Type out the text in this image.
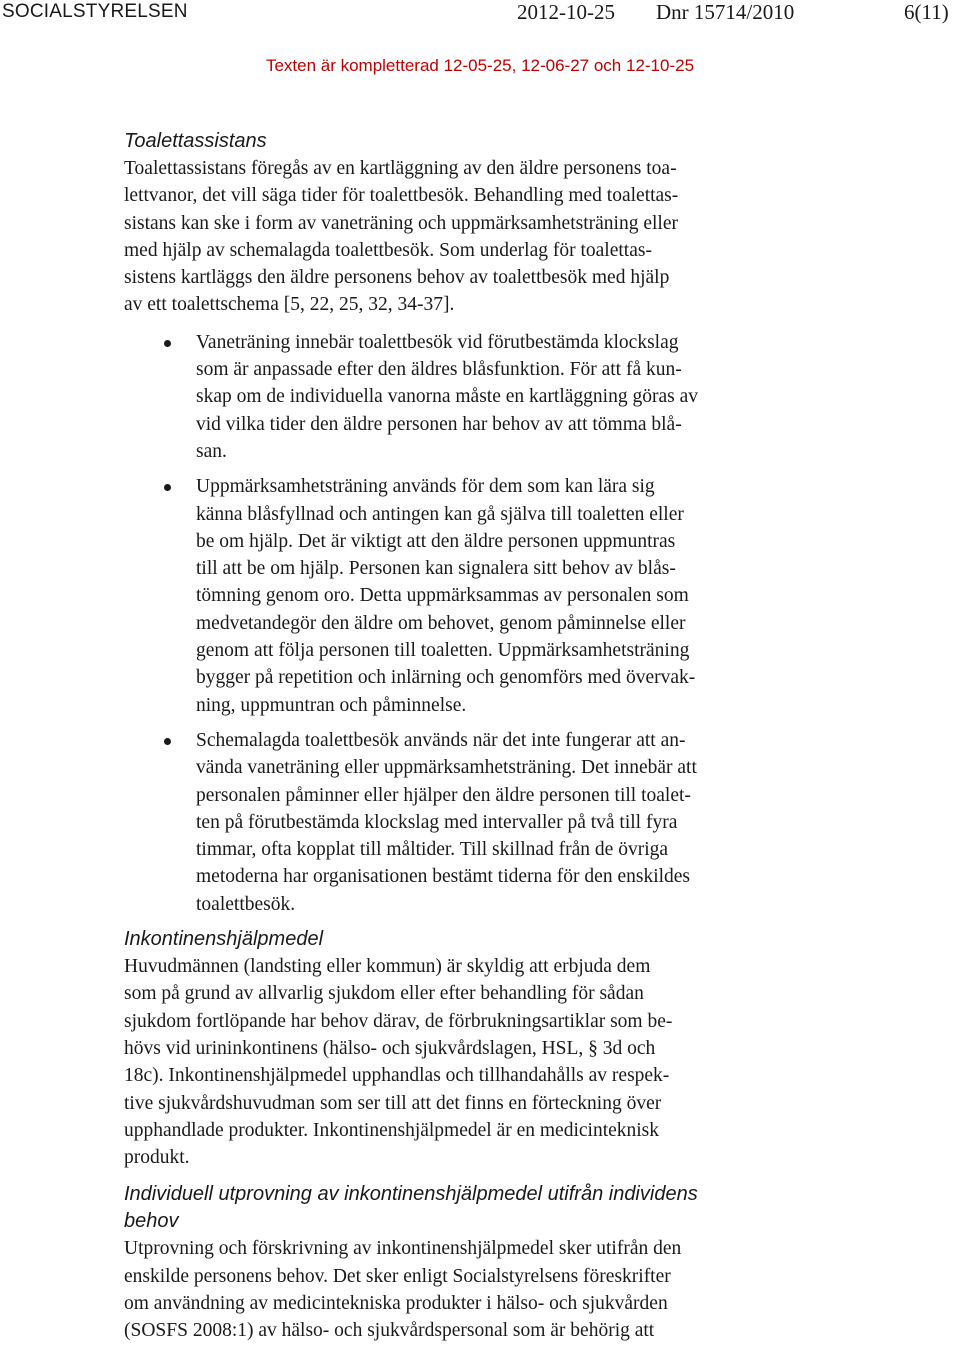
SOCIALSTYRELSEN	2012-10-25 Dnr 15714/2010	6(11)
Texten är kompletterad 12-05-25, 12-06-27 och 12-10-25
Toalettassistans

Toalettassistans föregås av en kartläggning av den äldre personens toa-
lettvanor, det vill säga tider för toalettbesök. Behandling med toalettas-
sistans kan ske i form av vaneträning och uppmärksamhetsträning eller
med hjälp av schemalagda toalettbesök. Som underlag för toalettas-
sistens kartläggs den äldre personens behov av toalettbesök med hjälp
av ett toalettschema [5, 22, 25, 32, 34-37].

Vaneträning innebär toalettbesök vid förutbestämda klockslag
som är anpassade efter den äldres blåsfunktion. För att få kun-
skap om de individuella vanorna måste en kartläggning göras av
vid vilka tider den äldre personen har behov av att tömma blå-
san.
Uppmärksamhetsträning används för dem som kan lära sig
känna blåsfyllnad och antingen kan gå själva till toaletten eller
be om hjälp. Det är viktigt att den äldre personen uppmuntras
till att be om hjälp. Personen kan signalera sitt behov av blås-
tömning genom oro. Detta uppmärksammas av personalen som
medvetandegör den äldre om behovet, genom påminnelse eller
genom att följa personen till toaletten. Uppmärksamhetsträning
bygger på repetition och inlärning och genomförs med övervak-
ning, uppmuntran och påminnelse.
Schemalagda toalettbesök används när det inte fungerar att an-
vända vaneträning eller uppmärksamhetsträning. Det innebär att
personalen påminner eller hjälper den äldre personen till toalet-
ten på förutbestämda klockslag med intervaller på två till fyra
timmar, ofta kopplat till måltider. Till skillnad från de övriga
metoderna har organisationen bestämt tiderna för den enskildes
toalettbesök.
Inkontinenshjälpmedel

Huvudmännen (landsting eller kommun) är skyldig att erbjuda dem
som på grund av allvarlig sjukdom eller efter behandling för sådan
sjukdom fortlöpande har behov därav, de förbrukningsartiklar som be-
hövs vid urininkontinens (hälso- och sjukvårdslagen, HSL, § 3d och
18c). Inkontinenshjälpmedel upphandlas och tillhandahålls av respek-
tive sjukvårdshuvudman som ser till att det finns en förteckning över
upphandlade produkter. Inkontinenshjälpmedel är en medicinteknisk
produkt.

Individuell utprovning av inkontinenshjälpmedel utifrån individens
behov

Utprovning och förskrivning av inkontinenshjälpmedel sker utifrån den
enskilde personens behov. Det sker enligt Socialstyrelsens föreskrifter
om användning av medicintekniska produkter i hälso- och sjukvården
(SOSFS 2008:1) av hälso- och sjukvårdspersonal som är behörig att
